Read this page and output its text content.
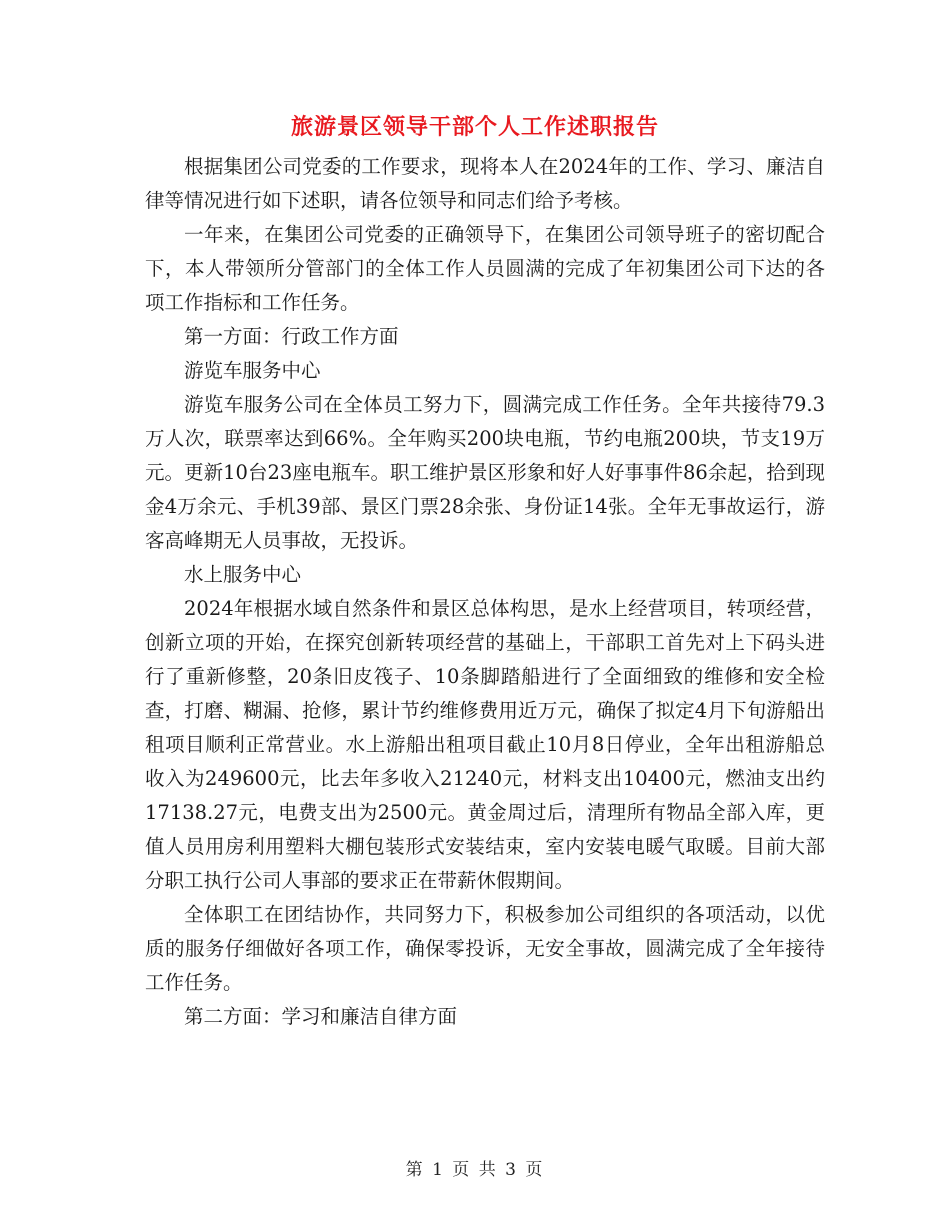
旅游景区领导干部个人工作述职报告

根据集团公司党委的工作要求，现将本人在2024年的工作、学习、廉洁自律等情况进行如下述职，请各位领导和同志们给予考核。

一年来，在集团公司党委的正确领导下，在集团公司领导班子的密切配合下，本人带领所分管部门的全体工作人员圆满的完成了年初集团公司下达的各项工作指标和工作任务。

第一方面：行政工作方面

游览车服务中心

游览车服务公司在全体员工努力下，圆满完成工作任务。全年共接待79.3万人次，联票率达到66%。全年购买200块电瓶，节约电瓶200块，节支19万元。更新10台23座电瓶车。职工维护景区形象和好人好事事件86余起，拾到现金4万余元、手机39部、景区门票28余张、身份证14张。全年无事故运行，游客高峰期无人员事故，无投诉。

水上服务中心

2024年根据水域自然条件和景区总体构思，是水上经营项目，转项经营，创新立项的开始，在探究创新转项经营的基础上，干部职工首先对上下码头进行了重新修整，20条旧皮筏子、10条脚踏船进行了全面细致的维修和安全检查，打磨、糊漏、抢修，累计节约维修费用近万元，确保了拟定4月下旬游船出租项目顺利正常营业。水上游船出租项目截止10月8日停业，全年出租游船总收入为249600元，比去年多收入21240元，材料支出10400元，燃油支出约17138.27元，电费支出为2500元。黄金周过后，清理所有物品全部入库，更值人员用房利用塑料大棚包装形式安装结束，室内安装电暖气取暖。目前大部分职工执行公司人事部的要求正在带薪休假期间。

全体职工在团结协作，共同努力下，积极参加公司组织的各项活动，以优质的服务仔细做好各项工作，确保零投诉，无安全事故，圆满完成了全年接待工作任务。

第二方面：学习和廉洁自律方面

第 1 页 共 3 页
